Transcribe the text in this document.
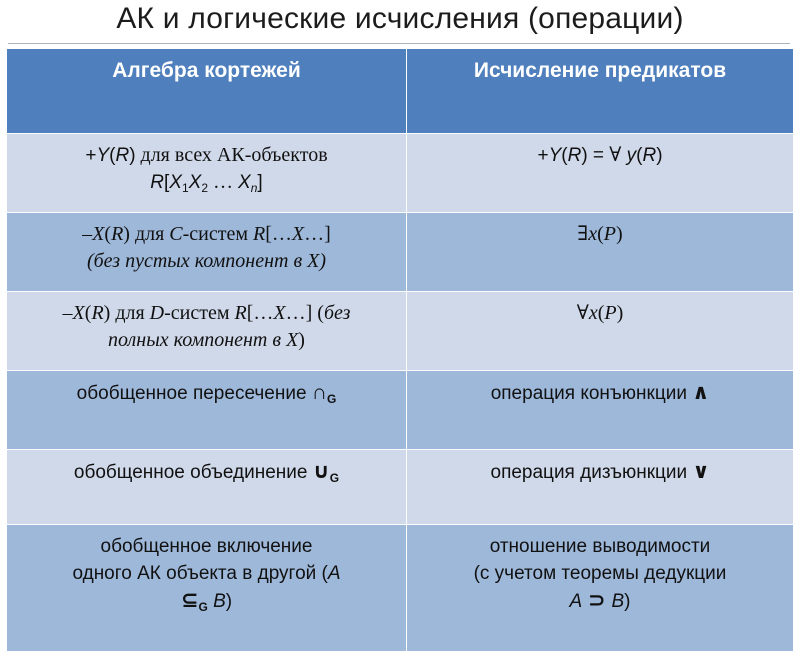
АК и логические исчисления (операции)
Алгебра кортежей	Исчисление предикатов

+Y(R) для всех АК-объектов
$R[X_1X_2$ … $X_n$]	+Y(R) = ∀ y(R)

–X(R) для C-систем R[…X…]
(без пустых компонент в X)	∃x(P)

–X(R) для D-систем R[…X…] (без
полных компонент в X)	∀x(P)

обобщенное пересечение $\cap_G$	операция конъюнкции ∧

обобщенное объединение $\cup_G$	операция дизъюнкции ∨

обобщенное включение
одного АК объекта в другой (A
$⊆_G$ B)	отношение выводимости
(с учетом теоремы дедукции
A ⊃ B)
